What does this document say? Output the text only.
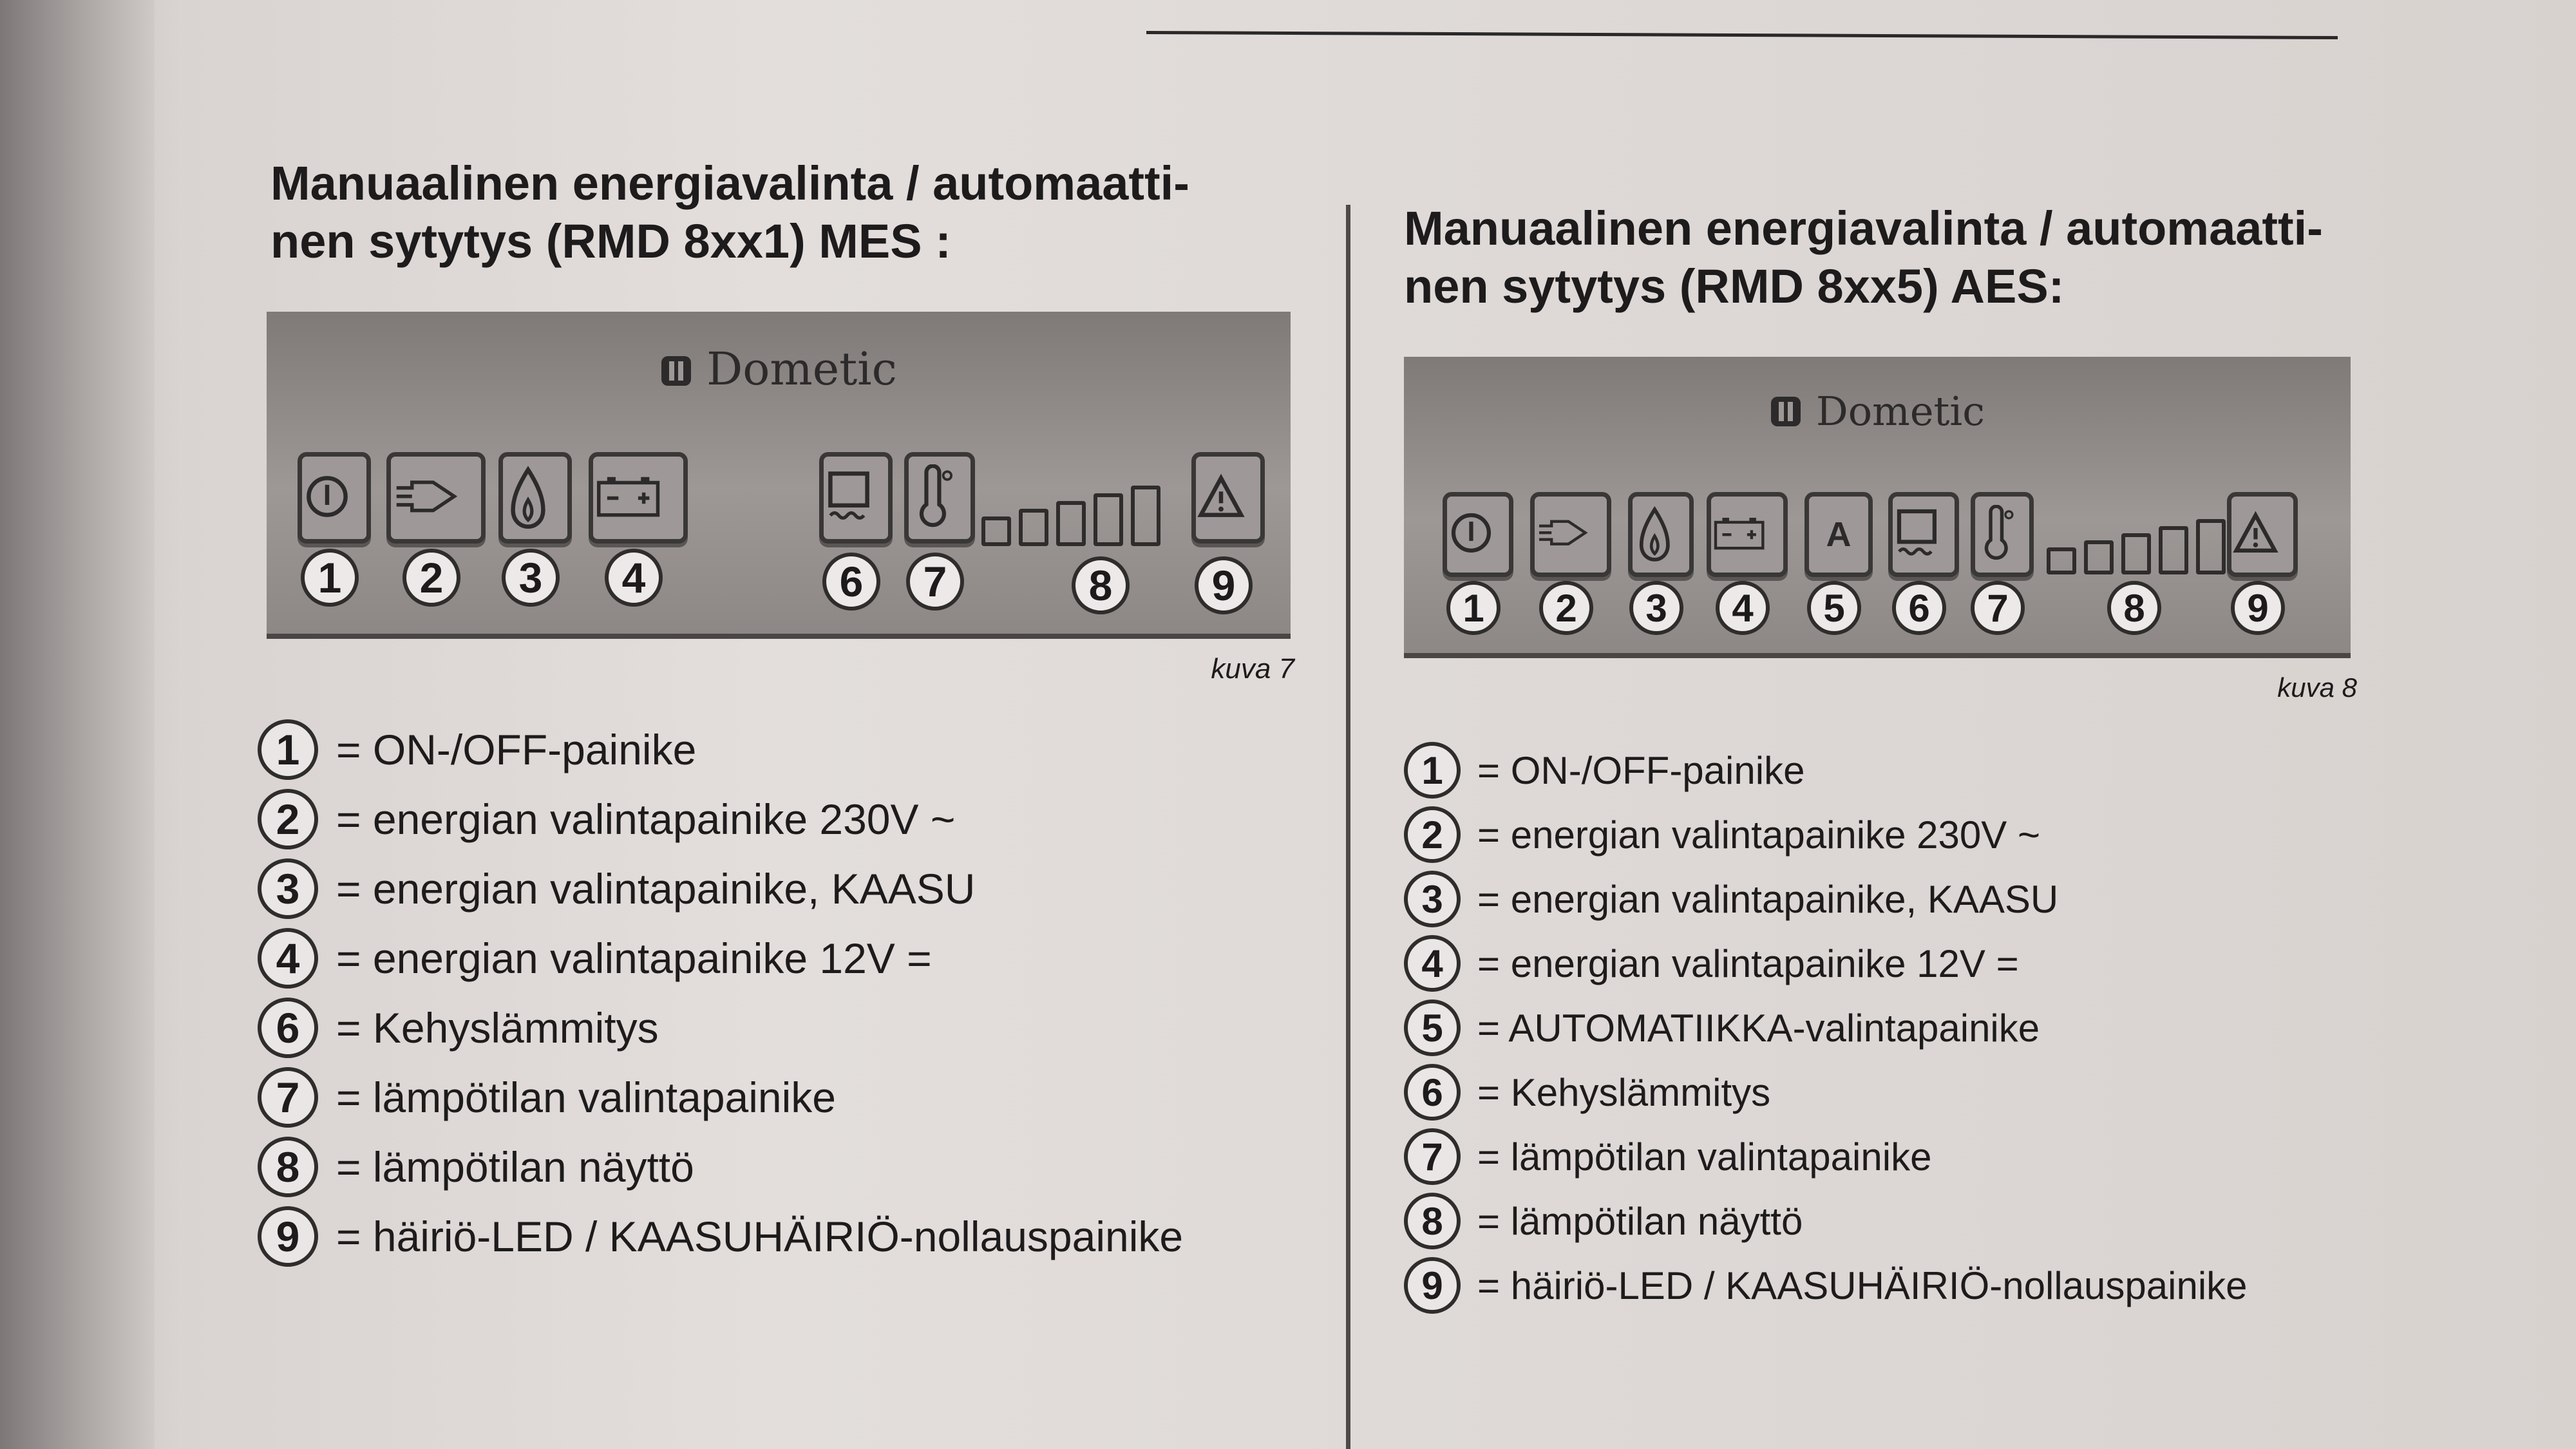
Manuaalinen energiavalinta / automaatti-
nen sytytys (RMD 8xx1) MES :
Dometic
1	2	3	4	6	7	8	9
kuva 7
1 = ON-/OFF-painike
2 = energian valintapainike 230V ~
3 = energian valintapainike, KAASU
4 = energian valintapainike 12V =
6 = Kehyslämmitys
7 = lämpötilan valintapainike
8 = lämpötilan näyttö
9 = häiriö-LED / KAASUHÄIRIÖ-nollauspainike
Manuaalinen energiavalinta / automaatti-
nen sytytys (RMD 8xx5) AES:
Dometic
A
1	2	3	4	5	6	7	8	9
kuva 8
1 = ON-/OFF-painike
2 = energian valintapainike 230V ~
3 = energian valintapainike, KAASU
4 = energian valintapainike 12V =
5 = AUTOMATIIKKA-valintapainike
6 = Kehyslämmitys
7 = lämpötilan valintapainike
8 = lämpötilan näyttö
9 = häiriö-LED / KAASUHÄIRIÖ-nollauspainike
